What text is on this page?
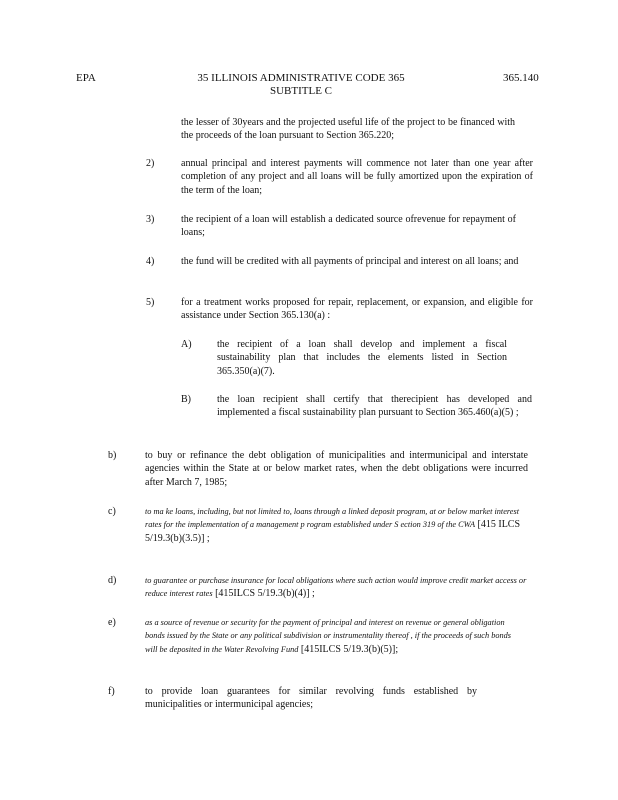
EPA	35 ILLINOIS ADMINISTRATIVE CODE 365
SUBTITLE C
365.140
the lesser of 30years and the projected useful life of the project to be financed with the proceeds of the loan pursuant to Section 365.220;
2)	annual principal and interest payments will commence not later than one year after completion of any project and all loans will be fully amortized upon the expiration of the term of the loan;
3)	the recipient of a loan will establish a dedicated source ofrevenue for repayment of loans;
4)	the fund will be credited with all payments of principal and interest on all loans; and
5)	for a treatment works proposed for repair, replacement, or expansion, and eligible for assistance under Section 365.130(a) :
A)	the recipient of a loan shall develop and implement a fiscal sustainability plan that includes the elements listed in Section 365.350(a)(7).
B)	the loan recipient shall certify that therecipient has developed and implemented a fiscal sustainability plan pursuant to Section 365.460(a)(5) ;
b)	to buy or refinance the debt obligation of municipalities and intermunicipal and interstate agencies within the State at or below market rates, when the debt obligations were incurred after March 7, 1985;
c)	to ma ke loans, including, but not limited to, loans through a linked deposit program, at or below market interest rates for the implementation of a management p rogram established under S ection 319 of the CWA [415 ILCS 5/19.3(b)(3.5)] ;
d)	to guarantee or purchase insurance for local obligations where such action would improve credit market access or reduce interest rates [415ILCS 5/19.3(b)(4)] ;
e)	as a source of revenue or security for the payment of principal and interest on revenue or general obligation bonds issued by the State or any political subdivision or instrumentality thereof , if the proceeds of such bonds will be deposited in the Water Revolving Fund [415ILCS 5/19.3(b)(5)];
f)	to provide loan guarantees for similar revolving funds established by municipalities or intermunicipal agencies;
